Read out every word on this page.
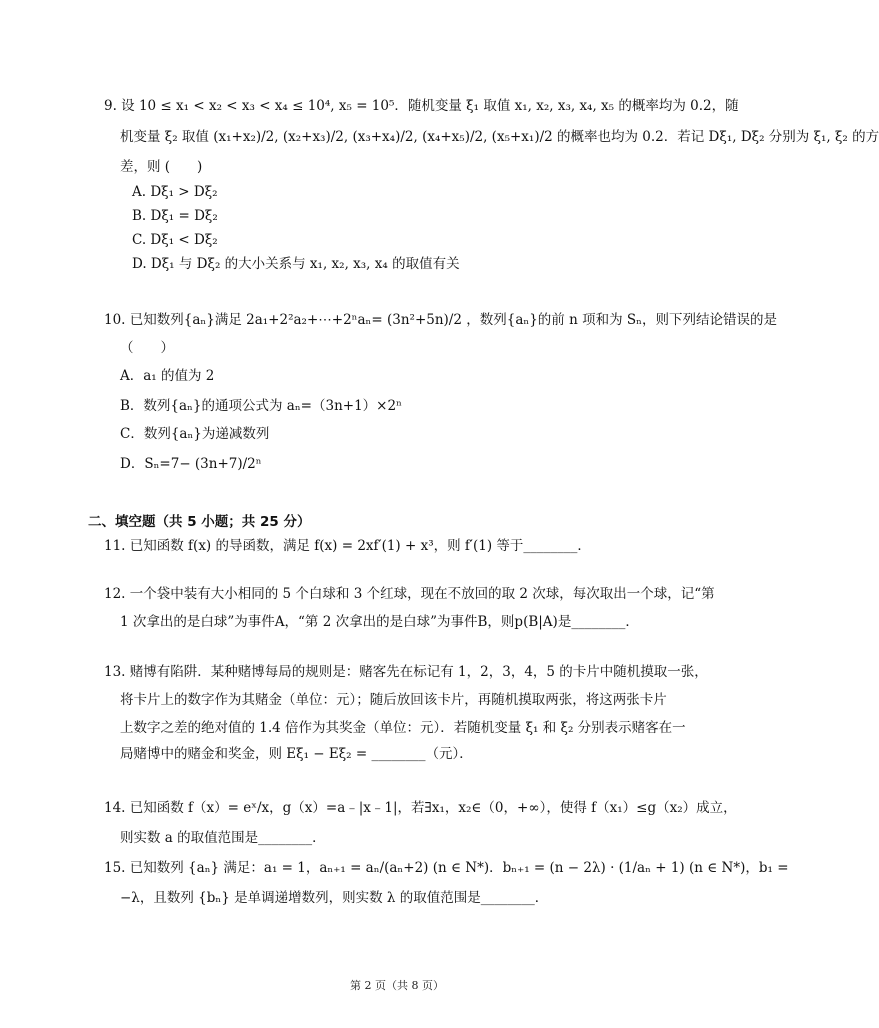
9. 设 10 ≤ x₁ < x₂ < x₃ < x₄ ≤ 10⁴, x₅ = 10⁵．随机变量 ξ₁ 取值 x₁, x₂, x₃, x₄, x₅ 的概率均为 0.2，随
机变量 ξ₂ 取值 (x₁+x₂)/2, (x₂+x₃)/2, (x₃+x₄)/2, (x₄+x₅)/2, (x₅+x₁)/2 的概率也均为 0.2．若记 Dξ₁, Dξ₂ 分别为 ξ₁, ξ₂ 的方
差，则 (　　)
A. Dξ₁ > Dξ₂
B. Dξ₁ = Dξ₂
C. Dξ₁ < Dξ₂
D. Dξ₁ 与 Dξ₂ 的大小关系与 x₁, x₂, x₃, x₄ 的取值有关
10. 已知数列{aₙ}满足 2a₁+2²a₂+⋯+2ⁿaₙ= (3n²+5n)/2 ，数列{aₙ}的前 n 项和为 Sₙ，则下列结论错误的是
（　　）
A．a₁ 的值为 2
B．数列{aₙ}的通项公式为 aₙ=（3n+1）×2ⁿ
C．数列{aₙ}为递减数列
D．Sₙ=7− (3n+7)/2ⁿ
二、填空题（共 5 小题；共 25 分）
11. 已知函数 f(x) 的导函数，满足 f(x) = 2xf′(1) + x³，则 f′(1) 等于________．
12. 一个袋中装有大小相同的 5 个白球和 3 个红球，现在不放回的取 2 次球，每次取出一个球，记“第
1 次拿出的是白球”为事件A，“第 2 次拿出的是白球”为事件B，则p(B|A)是________．
13. 赌博有陷阱．某种赌博每局的规则是：赌客先在标记有 1，2，3，4，5 的卡片中随机摸取一张，
将卡片上的数字作为其赌金（单位：元）；随后放回该卡片，再随机摸取两张，将这两张卡片
上数字之差的绝对值的 1.4 倍作为其奖金（单位：元）．若随机变量 ξ₁ 和 ξ₂ 分别表示赌客在一
局赌博中的赌金和奖金，则 Eξ₁ − Eξ₂ = ________（元）．
14. 已知函数 f（x）= eˣ/x，g（x）=a﹣|x﹣1|，若∃x₁，x₂∈（0，+∞），使得 f（x₁）≤g（x₂）成立，
则实数 a 的取值范围是________．
15. 已知数列 {aₙ} 满足：a₁ = 1，aₙ₊₁ = aₙ/(aₙ+2) (n ∈ N*)．bₙ₊₁ = (n − 2λ) · (1/aₙ + 1) (n ∈ N*)，b₁ =
−λ，且数列 {bₙ} 是单调递增数列，则实数 λ 的取值范围是________．
第 2 页（共 8 页）
